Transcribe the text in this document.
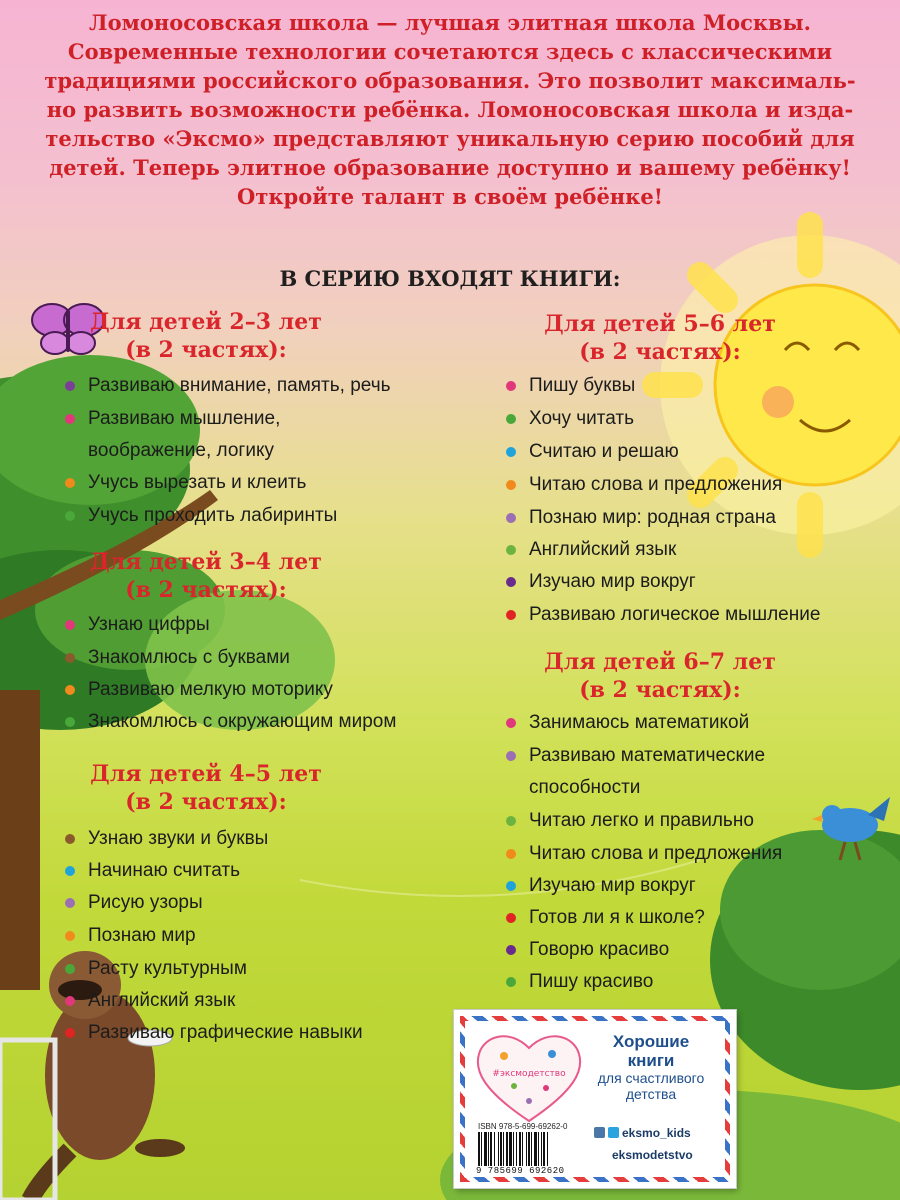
Ломоносовская школа — лучшая элитная школа Москвы.
Современные технологии сочетаются здесь с классическими
традициями российского образования. Это позволит максималь-
но развить возможности ребёнка. Ломоносовская школа и изда-
тельство «Эксмо» представляют уникальную серию пособий для
детей. Теперь элитное образование доступно и вашему ребёнку!
Откройте талант в своём ребёнке!

В СЕРИЮ ВХОДЯТ КНИГИ:
Для детей 2–3 лет
(в 2 частях):
Развиваю внимание, память, речь
Развиваю мышление, воображение, логику
Учусь вырезать и клеить
Учусь проходить лабиринты
Для детей 3–4 лет
(в 2 частях):
Узнаю цифры
Знакомлюсь с буквами
Развиваю мелкую моторику
Знакомлюсь с окружающим миром
Для детей 4–5 лет
(в 2 частях):
Узнаю звуки и буквы
Начинаю считать
Рисую узоры
Познаю мир
Расту культурным
Английский язык
Развиваю графические навыки
Для детей 5–6 лет
(в 2 частях):
Пишу буквы
Хочу читать
Считаю и решаю
Читаю слова и предложения
Познаю мир: родная страна
Английский язык
Изучаю мир вокруг
Развиваю логическое мышление
Для детей 6–7 лет
(в 2 частях):
Занимаюсь математикой
Развиваю математические способности
Читаю легко и правильно
Читаю слова и предложения
Изучаю мир вокруг
Готов ли я к школе?
Говорю красиво
Пишу красиво
#эксмодетство
Хорошие
книги
для счастливого
детства
ISBN 978-5-699-69262-0
9 785699 692620
eksmo_kids
eksmodetstvo
